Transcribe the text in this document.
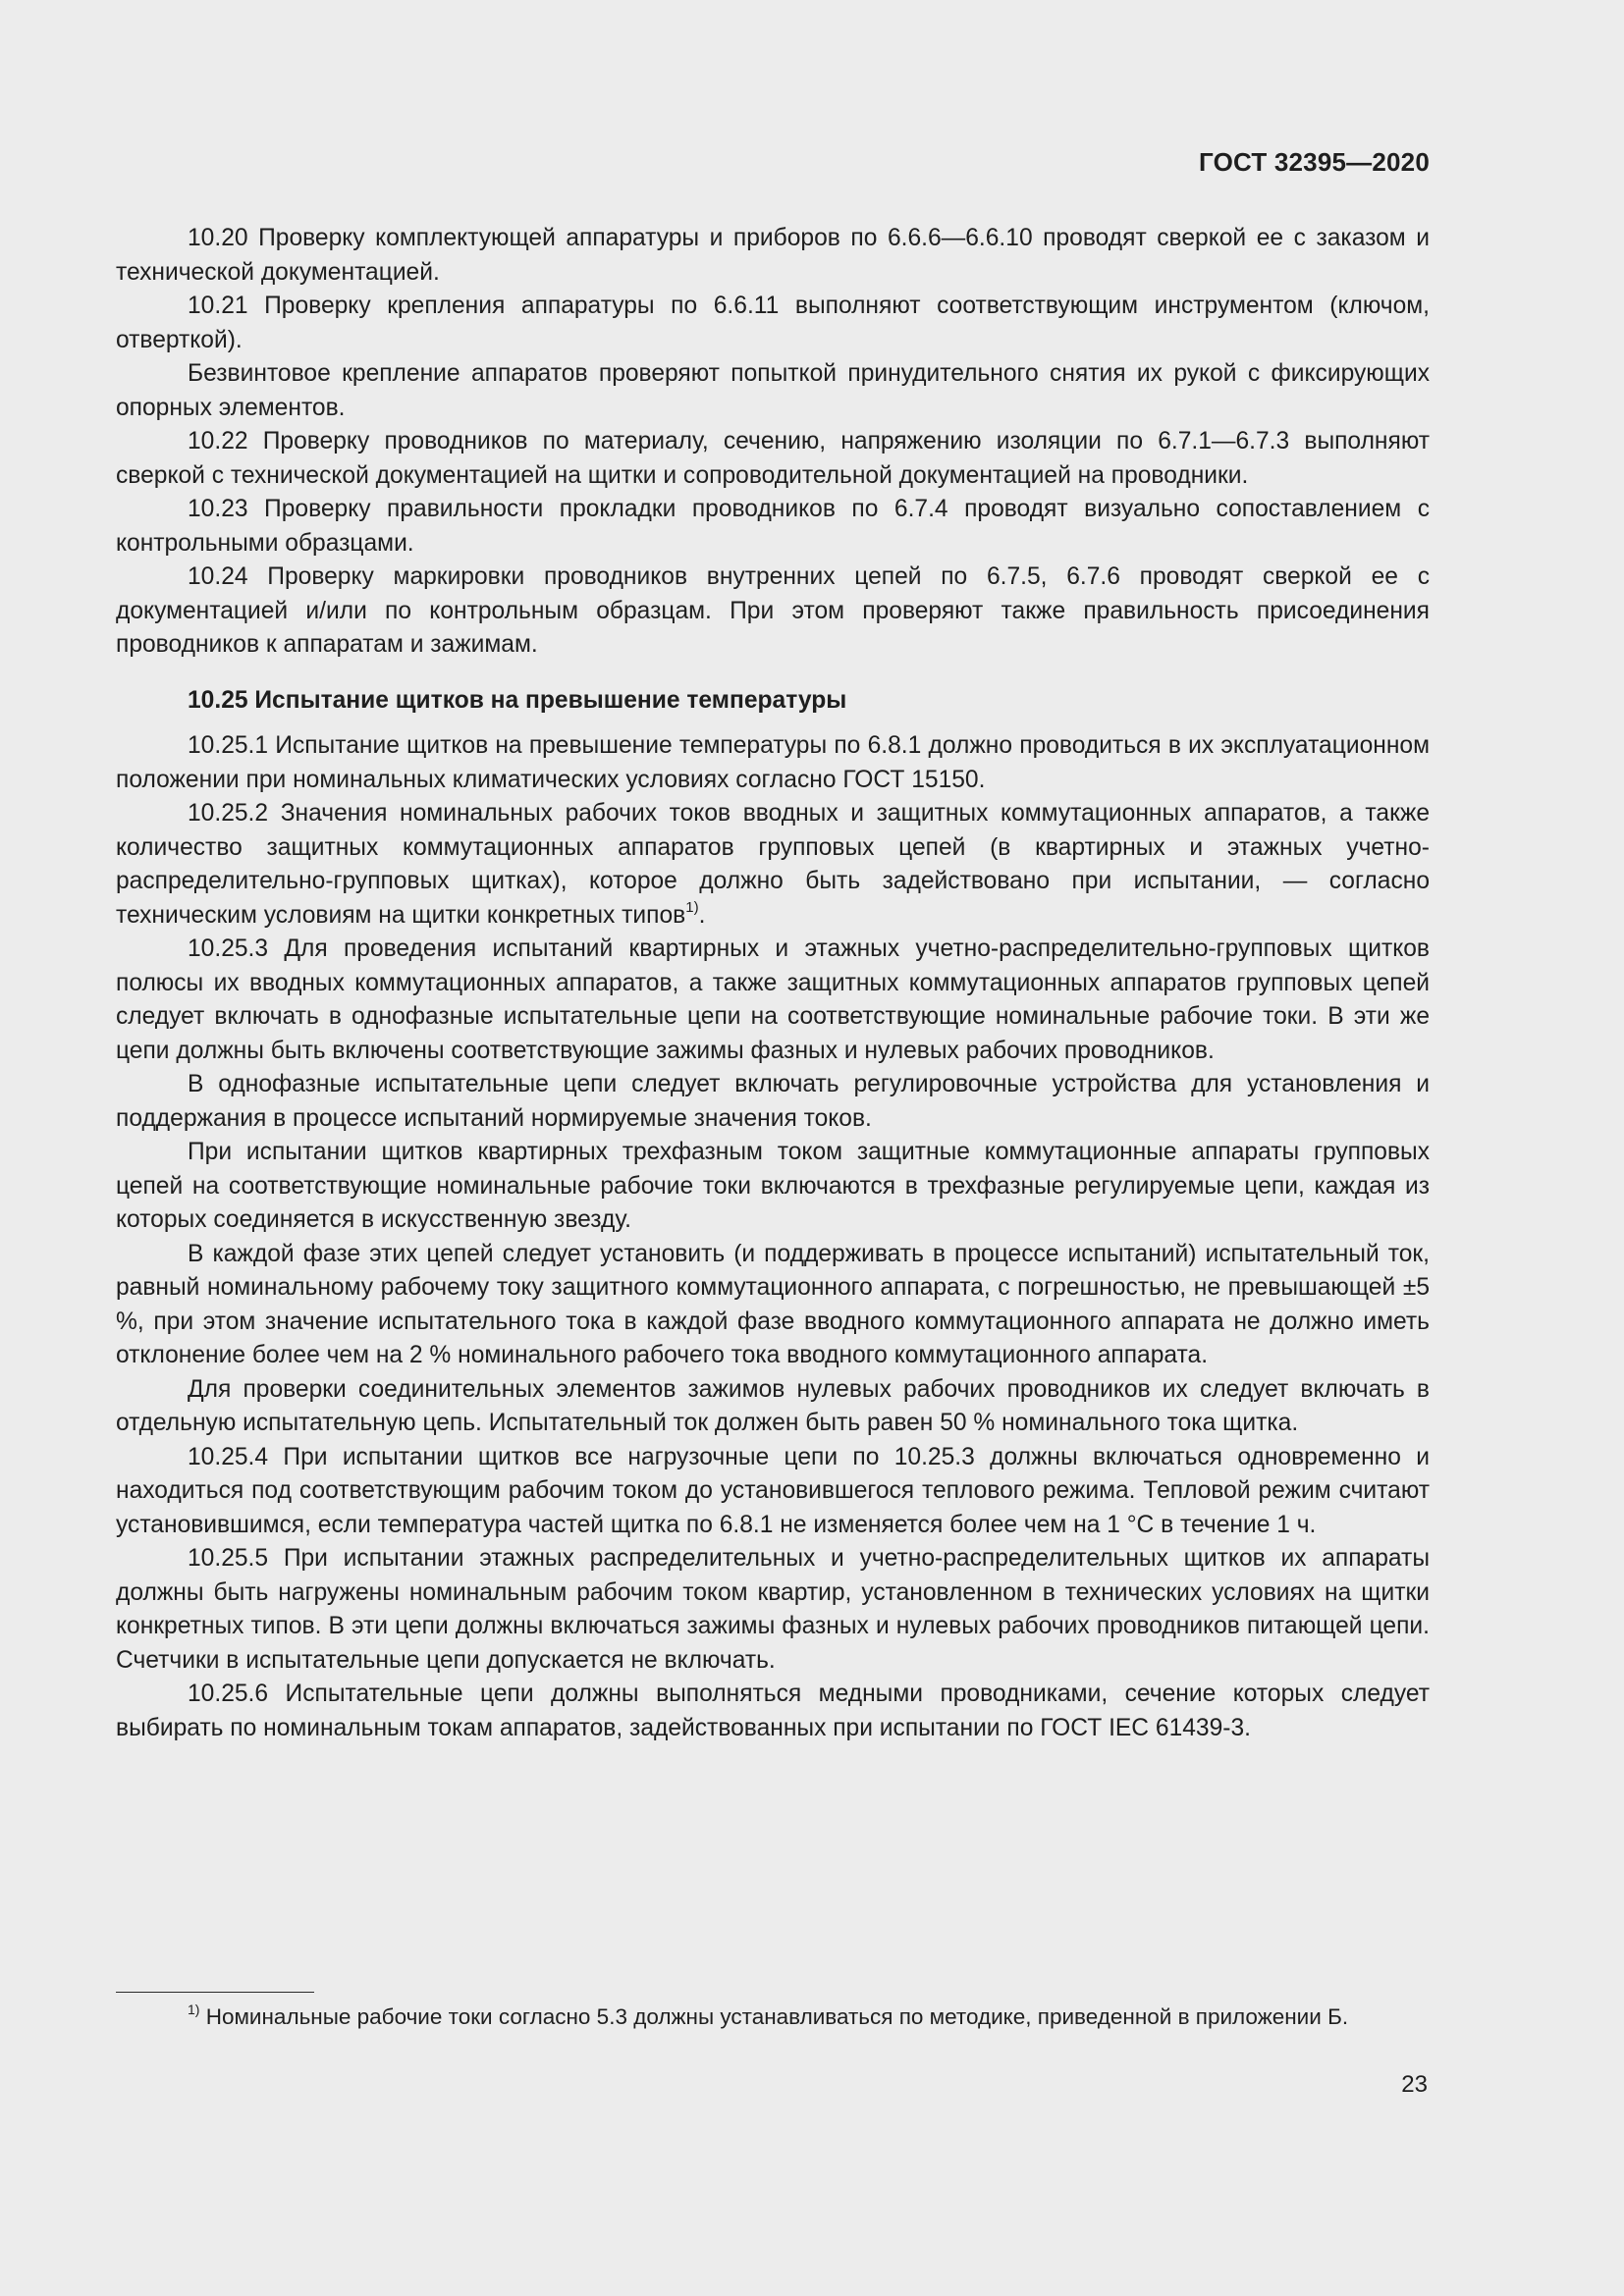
ГОСТ 32395—2020

10.20 Проверку комплектующей аппаратуры и приборов по 6.6.6—6.6.10 проводят сверкой ее с заказом и технической документацией.

10.21 Проверку крепления аппаратуры по 6.6.11 выполняют соответствующим инструментом (ключом, отверткой).

Безвинтовое крепление аппаратов проверяют попыткой принудительного снятия их рукой с фиксирующих опорных элементов.

10.22 Проверку проводников по материалу, сечению, напряжению изоляции по 6.7.1—6.7.3 выполняют сверкой с технической документацией на щитки и сопроводительной документацией на проводники.

10.23 Проверку правильности прокладки проводников по 6.7.4 проводят визуально сопоставлением с контрольными образцами.

10.24 Проверку маркировки проводников внутренних цепей по 6.7.5, 6.7.6 проводят сверкой ее с документацией и/или по контрольным образцам. При этом проверяют также правильность присоединения проводников к аппаратам и зажимам.

10.25 Испытание щитков на превышение температуры

10.25.1 Испытание щитков на превышение температуры по 6.8.1 должно проводиться в их эксплуатационном положении при номинальных климатических условиях согласно ГОСТ 15150.

10.25.2 Значения номинальных рабочих токов вводных и защитных коммутационных аппаратов, а также количество защитных коммутационных аппаратов групповых цепей (в квартирных и этажных учетно-распределительно-групповых щитках), которое должно быть задействовано при испытании, — согласно техническим условиям на щитки конкретных типов$^{1)}$.

10.25.3 Для проведения испытаний квартирных и этажных учетно-распределительно-групповых щитков полюсы их вводных коммутационных аппаратов, а также защитных коммутационных аппаратов групповых цепей следует включать в однофазные испытательные цепи на соответствующие номинальные рабочие токи. В эти же цепи должны быть включены соответствующие зажимы фазных и нулевых рабочих проводников.

В однофазные испытательные цепи следует включать регулировочные устройства для установления и поддержания в процессе испытаний нормируемые значения токов.

При испытании щитков квартирных трехфазным током защитные коммутационные аппараты групповых цепей на соответствующие номинальные рабочие токи включаются в трехфазные регулируемые цепи, каждая из которых соединяется в искусственную звезду.

В каждой фазе этих цепей следует установить (и поддерживать в процессе испытаний) испытательный ток, равный номинальному рабочему току защитного коммутационного аппарата, с погрешностью, не превышающей ±5 %, при этом значение испытательного тока в каждой фазе вводного коммутационного аппарата не должно иметь отклонение более чем на 2 % номинального рабочего тока вводного коммутационного аппарата.

Для проверки соединительных элементов зажимов нулевых рабочих проводников их следует включать в отдельную испытательную цепь. Испытательный ток должен быть равен 50 % номинального тока щитка.

10.25.4 При испытании щитков все нагрузочные цепи по 10.25.3 должны включаться одновременно и находиться под соответствующим рабочим током до установившегося теплового режима. Тепловой режим считают установившимся, если температура частей щитка по 6.8.1 не изменяется более чем на 1 °С в течение 1 ч.

10.25.5 При испытании этажных распределительных и учетно-распределительных щитков их аппараты должны быть нагружены номинальным рабочим током квартир, установленном в технических условиях на щитки конкретных типов. В эти цепи должны включаться зажимы фазных и нулевых рабочих проводников питающей цепи. Счетчики в испытательные цепи допускается не включать.

10.25.6 Испытательные цепи должны выполняться медными проводниками, сечение которых следует выбирать по номинальным токам аппаратов, задействованных при испытании по ГОСТ IEC 61439-3.

$^{1)}$ Номинальные рабочие токи согласно 5.3 должны устанавливаться по методике, приведенной в приложении Б.

23
